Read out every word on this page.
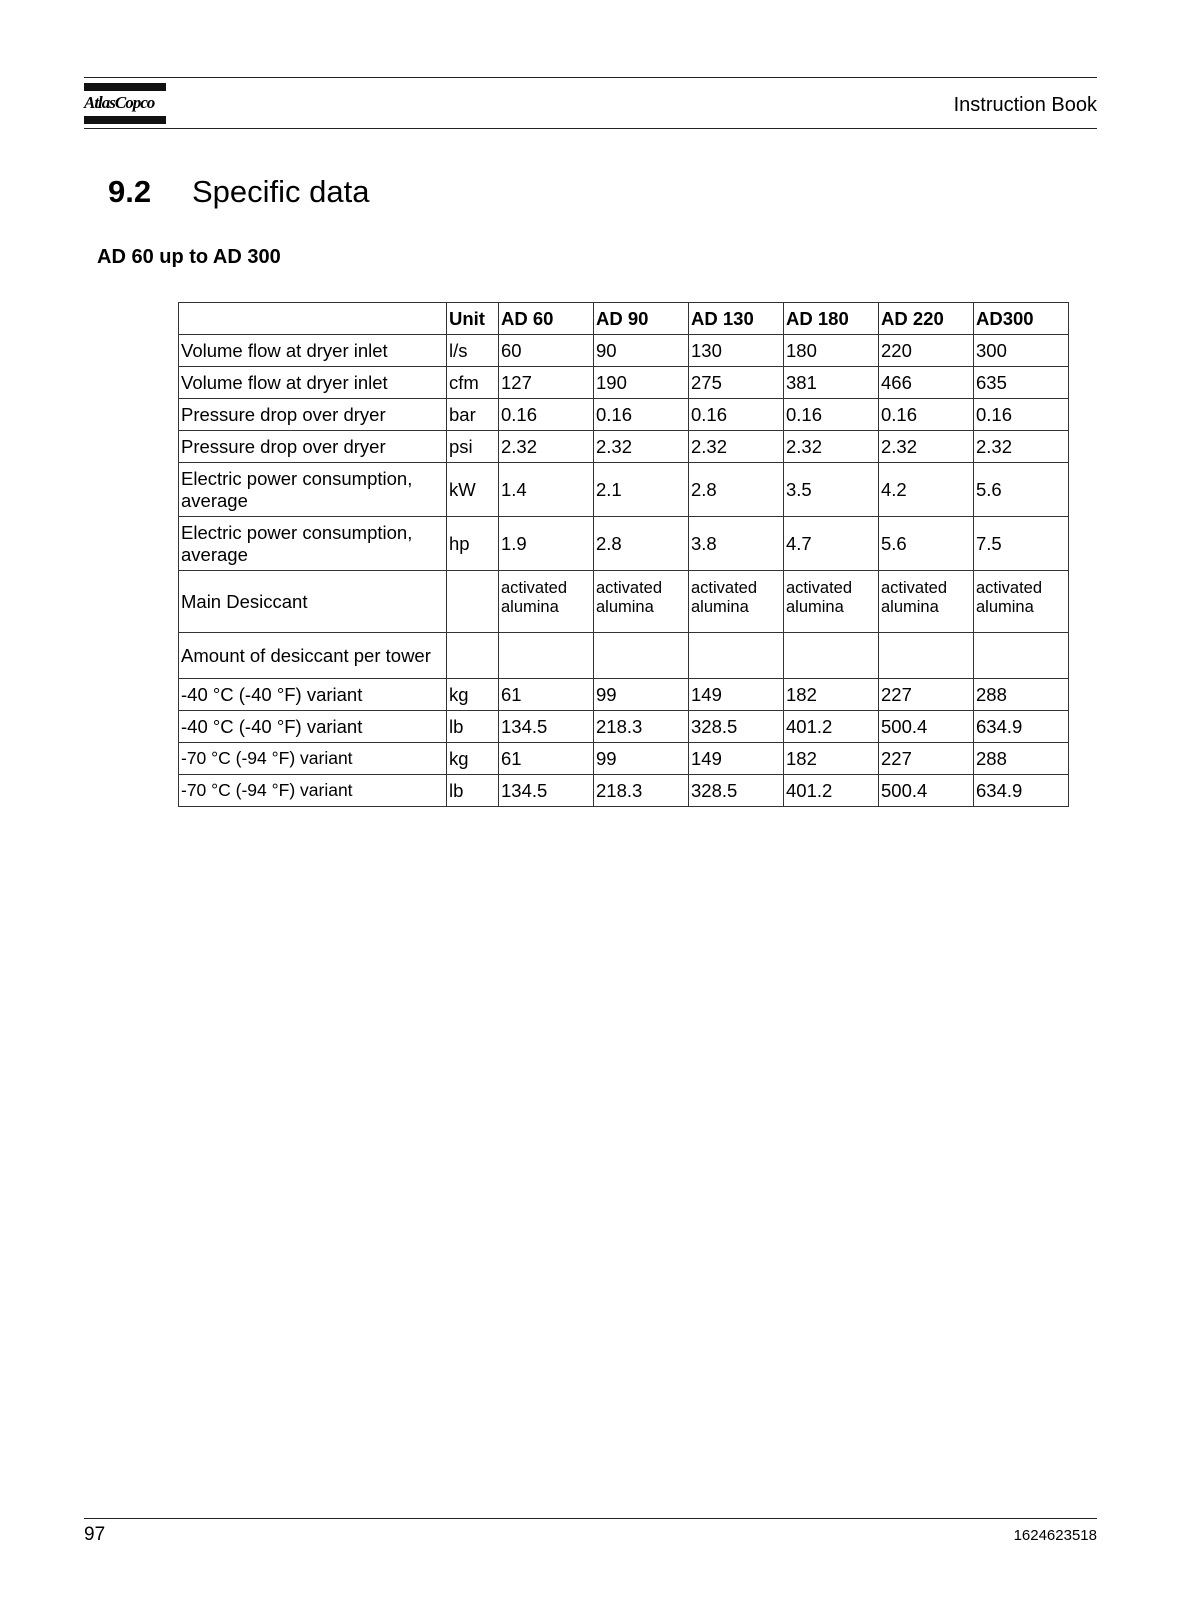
AtlasCopco	Instruction Book
9.2 Specific data
AD 60 up to AD 300
	Unit	AD 60	AD 90	AD 130	AD 180	AD 220	AD300
Volume flow at dryer inlet	l/s	60	90	130	180	220	300
Volume flow at dryer inlet	cfm	127	190	275	381	466	635
Pressure drop over dryer	bar	0.16	0.16	0.16	0.16	0.16	0.16
Pressure drop over dryer	psi	2.32	2.32	2.32	2.32	2.32	2.32
Electric power consumption, average	kW	1.4	2.1	2.8	3.5	4.2	5.6
Electric power consumption, average	hp	1.9	2.8	3.8	4.7	5.6	7.5
Main Desiccant		activated alumina	activated alumina	activated alumina	activated alumina	activated alumina	activated alumina
Amount of desiccant per tower							
-40 °C (-40 °F) variant	kg	61	99	149	182	227	288
-40 °C (-40 °F) variant	lb	134.5	218.3	328.5	401.2	500.4	634.9
-70 °C (-94 °F) variant	kg	61	99	149	182	227	288
-70 °C (-94 °F) variant	lb	134.5	218.3	328.5	401.2	500.4	634.9
97	1624623518
